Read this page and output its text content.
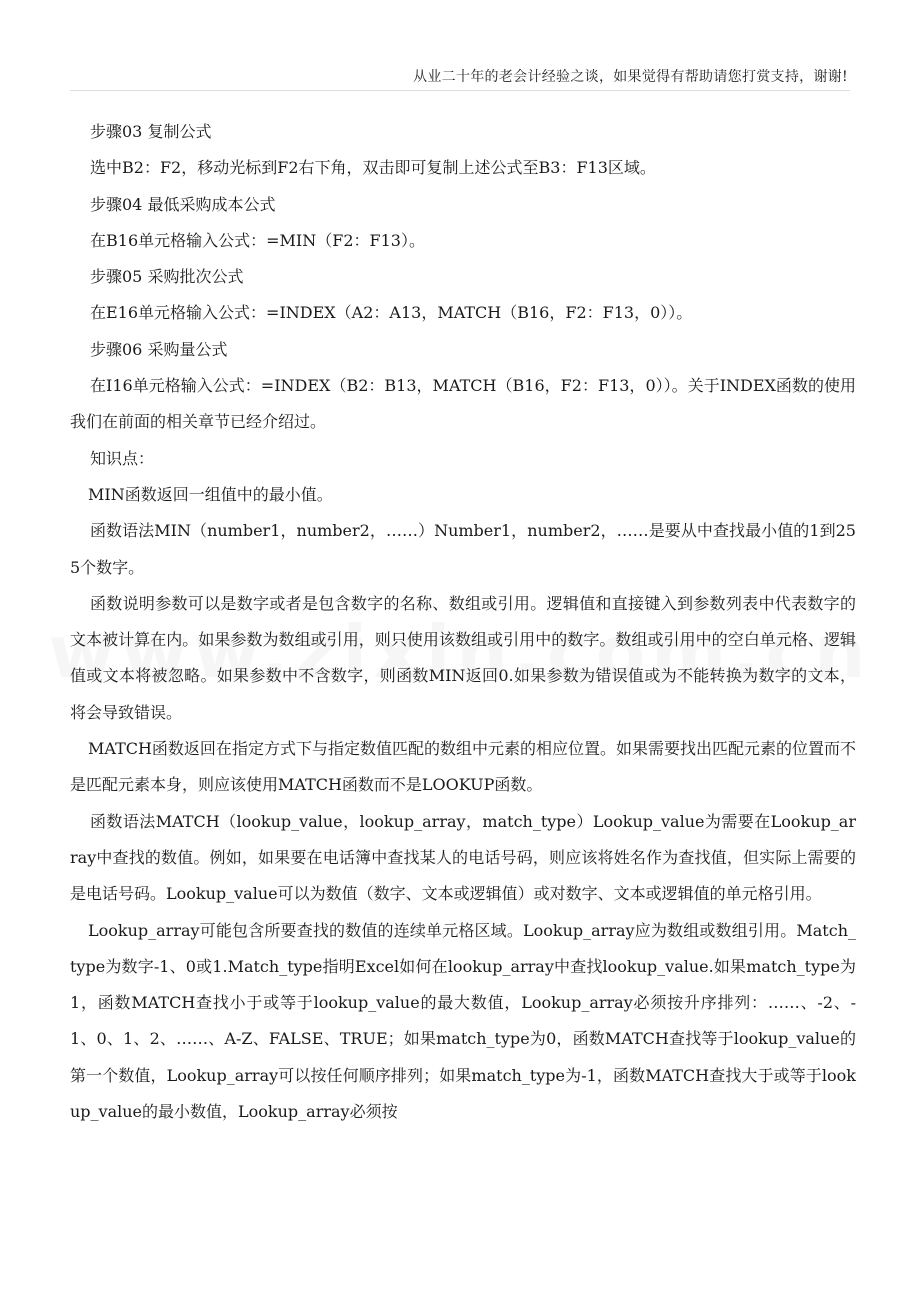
从业二十年的老会计经验之谈，如果觉得有帮助请您打赏支持，谢谢!

步骤03 复制公式

选中B2：F2，移动光标到F2右下角，双击即可复制上述公式至B3：F13区域。

步骤04 最低采购成本公式

在B16单元格输入公式：=MIN（F2：F13）。

步骤05 采购批次公式

在E16单元格输入公式：=INDEX（A2：A13，MATCH（B16，F2：F13，0））。

步骤06 采购量公式

在I16单元格输入公式：=INDEX（B2：B13，MATCH（B16，F2：F13，0））。关于INDEX函数的使用我们在前面的相关章节已经介绍过。

知识点：

MIN函数返回一组值中的最小值。

函数语法MIN（number1，number2，……）Number1，number2，……是要从中查找最小值的1到255个数字。

函数说明参数可以是数字或者是包含数字的名称、数组或引用。逻辑值和直接键入到参数列表中代表数字的文本被计算在内。如果参数为数组或引用，则只使用该数组或引用中的数字。数组或引用中的空白单元格、逻辑值或文本将被忽略。如果参数中不含数字，则函数MIN返回0.如果参数为错误值或为不能转换为数字的文本，将会导致错误。

MATCH函数返回在指定方式下与指定数值匹配的数组中元素的相应位置。如果需要找出匹配元素的位置而不是匹配元素本身，则应该使用MATCH函数而不是LOOKUP函数。

函数语法MATCH（lookup_value，lookup_array，match_type）Lookup_value为需要在Lookup_array中查找的数值。例如，如果要在电话簿中查找某人的电话号码，则应该将姓名作为查找值，但实际上需要的是电话号码。Lookup_value可以为数值（数字、文本或逻辑值）或对数字、文本或逻辑值的单元格引用。

Lookup_array可能包含所要查找的数值的连续单元格区域。Lookup_array应为数组或数组引用。Match_type为数字-1、0或1.Match_type指明Excel如何在lookup_array中查找lookup_value.如果match_type为1，函数MATCH查找小于或等于lookup_value的最大数值，Lookup_array必须按升序排列：……、-2、-1、0、1、2、……、A-Z、FALSE、TRUE；如果match_type为0，函数MATCH查找等于lookup_value的第一个数值，Lookup_array可以按任何顺序排列；如果match_type为-1，函数MATCH查找大于或等于lookup_value的最小数值，Lookup_array必须按
